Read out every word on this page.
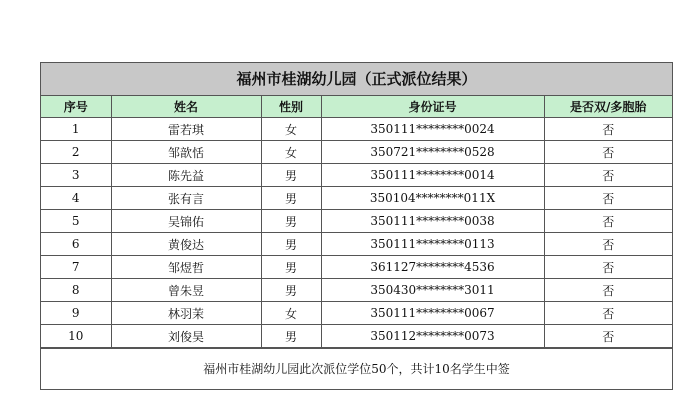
福州市桂湖幼儿园（正式派位结果）
序号	姓名	性别	身份证号	是否双/多胞胎
1	雷若琪	女	350111********0024	否
2	邹歆恬	女	350721********0528	否
3	陈先益	男	350111********0014	否
4	张有言	男	350104********011X	否
5	吴锦佑	男	350111********0038	否
6	黄俊达	男	350111********0113	否
7	邹煜哲	男	361127********4536	否
8	曾朱昱	男	350430********3011	否
9	林羽茉	女	350111********0067	否
10	刘俊昊	男	350112********0073	否
福州市桂湖幼儿园此次派位学位50个，共计10名学生中签
